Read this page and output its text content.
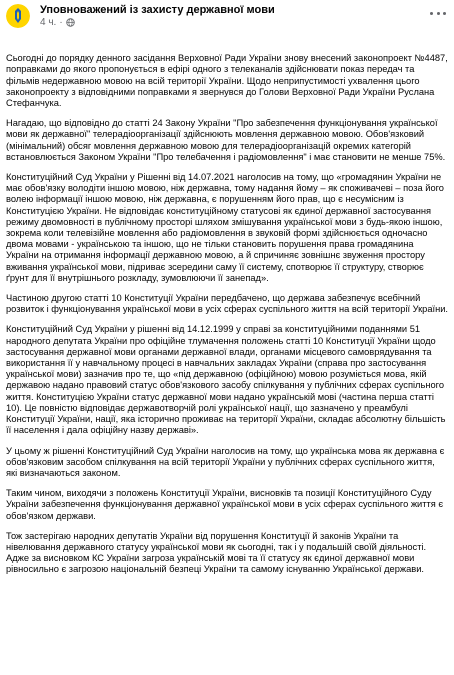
Уповноважений із захисту державної мови
4 ч. ·

Сьогодні до порядку денного засідання Верховної Ради України знову внесений законопроект №4487, поправками до якого пропонується в ефірі одного з телеканалів здійснювати показ передач та фільмів недержавною мовою на всій території України. Щодо неприпустимості ухвалення цього законопроекту з відповідними поправками я звернувся до Голови Верховної Ради України Руслана Стефанчука.

Нагадаю, що відповідно до статті 24 Закону України "Про забезпечення функціонування української мови як державної" телерадіоорганізації здійснюють мовлення державною мовою. Обов'язковий (мінімальний) обсяг мовлення державною мовою для телерадіоорганізацій окремих категорій встановлюється Законом України "Про телебачення і радіомовлення" і має становити не менше 75%.

Конституційний Суд України у Рішенні від 14.07.2021 наголосив на тому, що «громадянин України не має обов'язку володіти іншою мовою, ніж державна, тому надання йому – як споживачеві – поза його волею інформації іншою мовою, ніж державна, є порушенням його прав, що є несумісним із Конституцією України. Не відповідає конституційному статусові як єдиної державної застосування режиму двомовності в публічному просторі шляхом змішування української мови з будь-якою іншою, зокрема коли телевізійне мовлення або радіомовлення в звуковій формі здійснюється одночасно двома мовами - українською та іншою, що не тільки становить порушення права громадянина України на отримання інформації державною мовою, а й спричиняє зовнішнє звуження простору вживання української мови, підриває зсередини саму її систему, спотворює її структуру, створює ґрунт для її внутрішнього розкладу, зумовлюючи її занепад».

Частиною другою статті 10 Конституції України передбачено, що держава забезпечує всебічний розвиток і функціонування української мови в усіх сферах суспільного життя на всій території України.

Конституційний Суд України у рішенні від 14.12.1999 у справі за конституційними поданнями 51 народного депутата України про офіційне тлумачення положень статті 10 Конституції України щодо застосування державної мови органами державної влади, органами місцевого самоврядування та використання її у навчальному процесі в навчальних закладах України (справа про застосування української мови) зазначив про те, що «під державною (офіційною) мовою розуміється мова, якій державою надано правовий статус обов'язкового засобу спілкування у публічних сферах суспільного життя. Конституцією України статус державної мови надано українській мові (частина перша статті 10). Це повністю відповідає державотворчій ролі української нації, що зазначено у преамбулі Конституції України, нації, яка історично проживає на території України, складає абсолютну більшість її населення і дала офіційну назву державі».

У цьому ж рішенні Конституційний Суд України наголосив на тому, що українська мова як державна є обов'язковим засобом спілкування на всій території України у публічних сферах суспільного життя, які визначаються законом.

Таким чином, виходячи з положень Конституції України, висновків та позиції Конституційного Суду України забезпечення функціонування державної української мови в усіх сферах суспільного життя є обов'язком держави.

Тож застерігаю народних депутатів України від порушення Конституції й законів України та нівелювання державного статусу української мови як сьогодні, так і у подальшій своїй діяльності. Адже за висновком КС України загроза українській мові та її статусу як єдиної державної мови рівносильно є загрозою національній безпеці України та самому існуванню Української держави.
